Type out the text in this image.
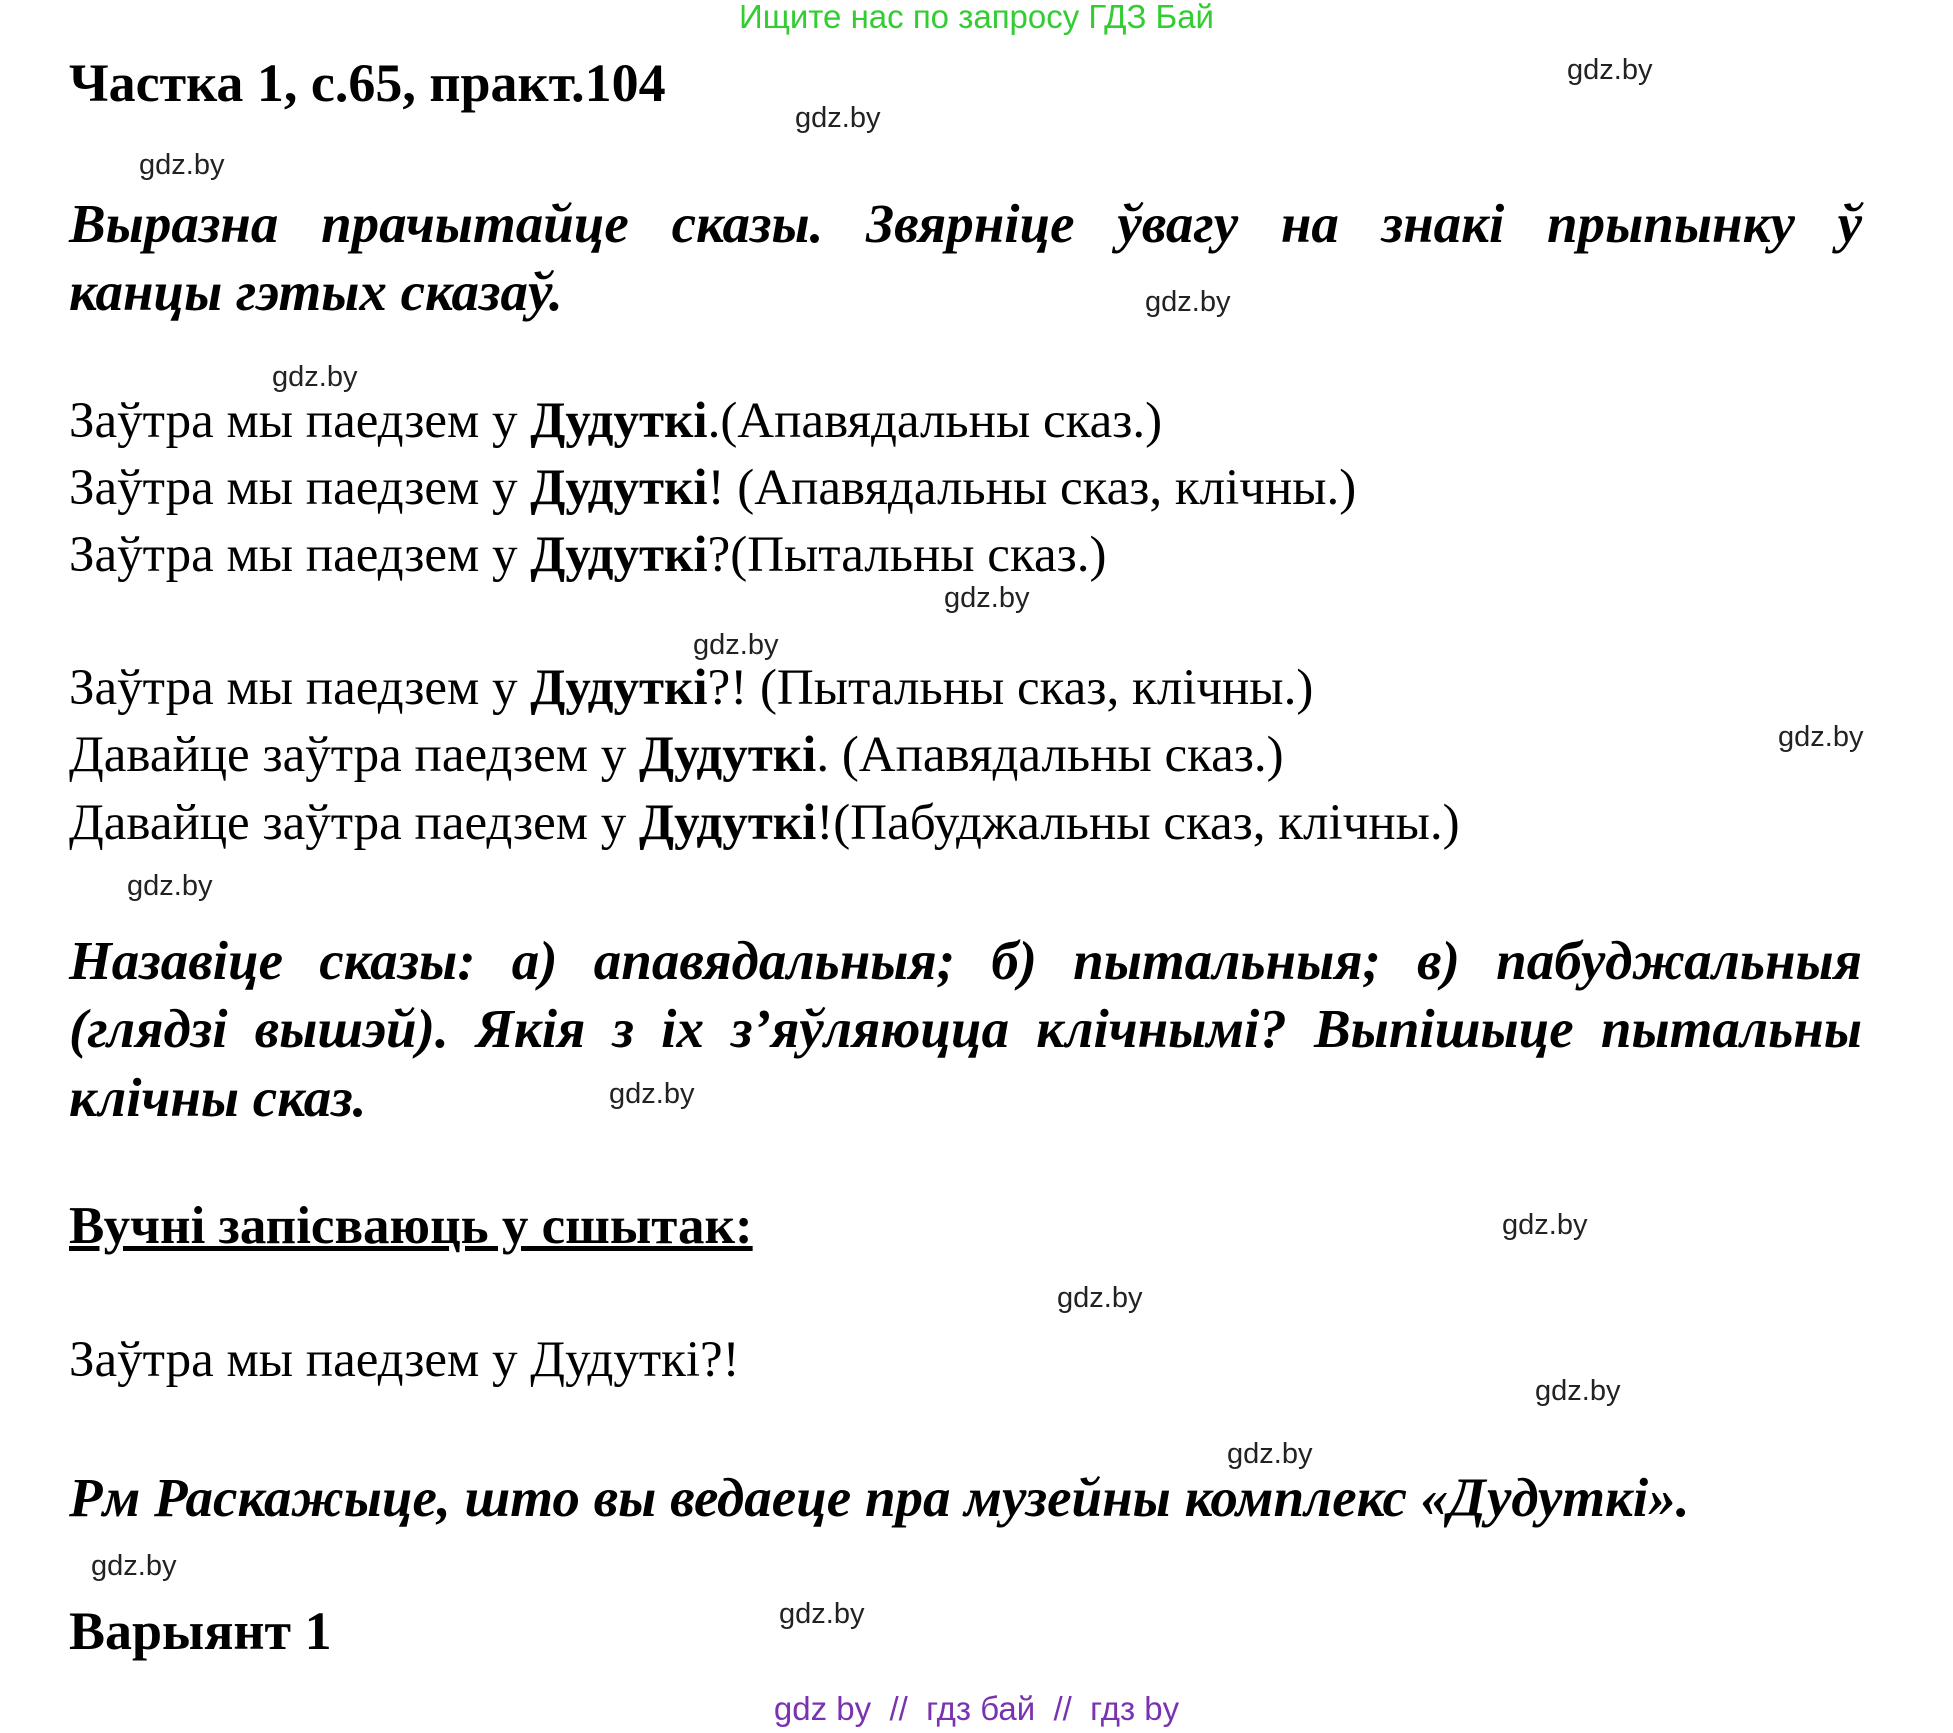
Ищите нас по запросу ГДЗ Бай
Частка 1, с.65, практ.104	gdz.by
gdz.by
gdz.by
gdz.by
gdz.by
gdz.by
gdz.by
gdz.by
gdz.by
gdz.by
gdz.by
gdz.by
gdz.by
gdz.by
gdz.by
gdz.by
Выразна прачытайце сказы. Звярніце ўвагу на знакі прыпынку ў
канцы гэтых сказаў.
Заўтра мы паедзем у Дудуткі.(Апавядальны сказ.)
Заўтра мы паедзем у Дудуткі! (Апавядальны сказ, клічны.)
Заўтра мы паедзем у Дудуткі?(Пытальны сказ.)
Заўтра мы паедзем у Дудуткі?! (Пытальны сказ, клічны.)
Давайце заўтра паедзем у Дудуткі. (Апавядальны сказ.)
Давайце заўтра паедзем у Дудуткі!(Пабуджальны сказ, клічны.)
Назавіце сказы: а) апавядальныя; б) пытальныя; в) пабуджальныя
(глядзі вышэй). Якія з іх з’яўляюцца клічнымі? Выпішыце пытальны
клічны сказ.
Вучні запісваюць у сшытак:
Заўтра мы паедзем у Дудуткі?!
Рм Раскажыце, што вы ведаеце пра музейны комплекс «Дудуткі».
Варыянт 1
gdz by  //  гдз бай  //  гдз by
